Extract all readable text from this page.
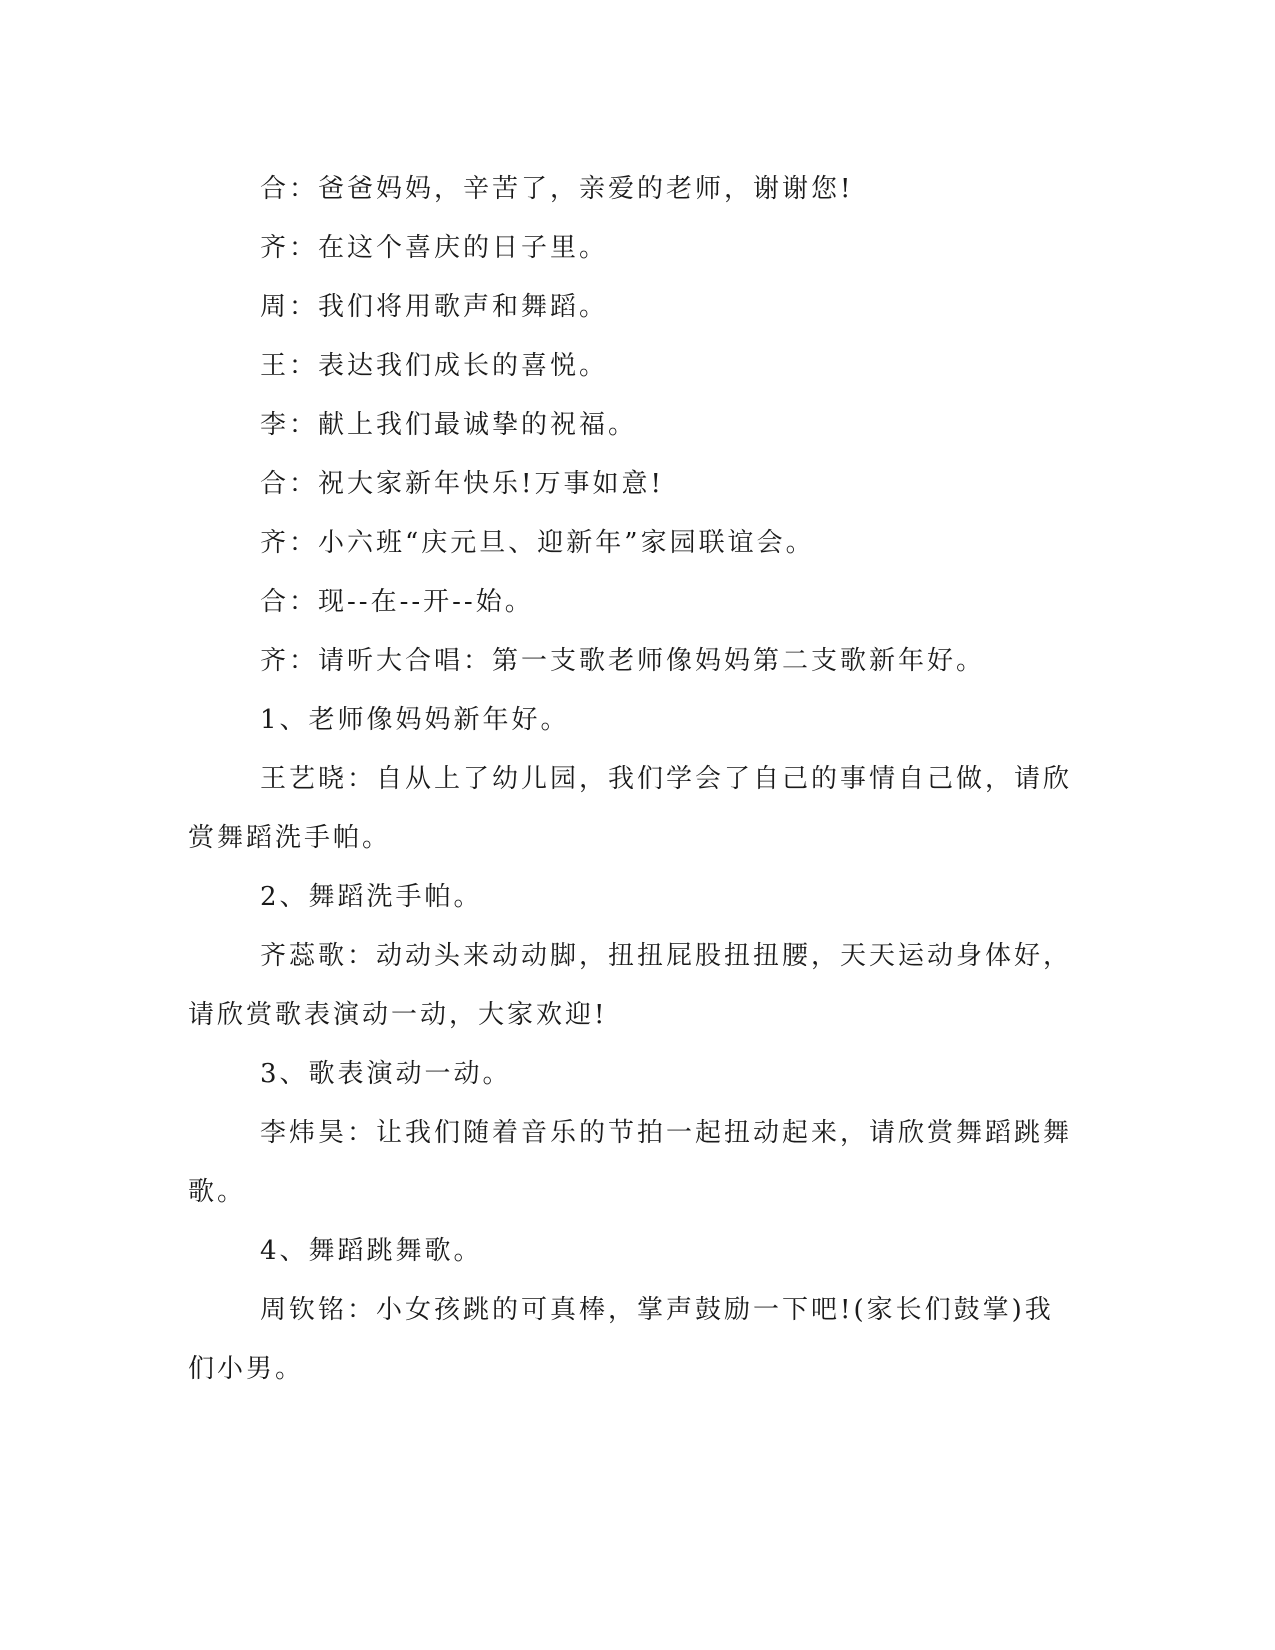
合：爸爸妈妈，辛苦了，亲爱的老师，谢谢您!

齐：在这个喜庆的日子里。

周：我们将用歌声和舞蹈。

王：表达我们成长的喜悦。

李：献上我们最诚挚的祝福。

合：祝大家新年快乐!万事如意!

齐：小六班“庆元旦、迎新年”家园联谊会。

合：现--在--开--始。

齐：请听大合唱：第一支歌老师像妈妈第二支歌新年好。

1、老师像妈妈新年好。

王艺晓：自从上了幼儿园，我们学会了自己的事情自己做，请欣赏舞蹈洗手帕。

2、舞蹈洗手帕。

齐蕊歌：动动头来动动脚，扭扭屁股扭扭腰，天天运动身体好，请欣赏歌表演动一动，大家欢迎!

3、歌表演动一动。

李炜昊：让我们随着音乐的节拍一起扭动起来，请欣赏舞蹈跳舞歌。

4、舞蹈跳舞歌。

周钦铭：小女孩跳的可真棒，掌声鼓励一下吧!(家长们鼓掌)我们小男。
